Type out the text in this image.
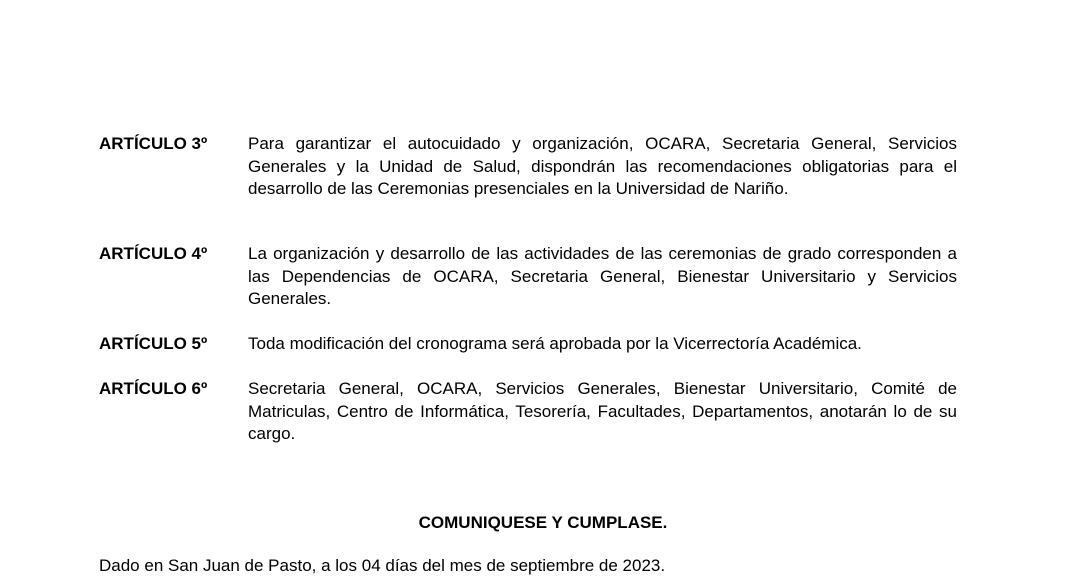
ARTÍCULO 3º Para garantizar el autocuidado y organización, OCARA, Secretaria General, Servicios Generales y la Unidad de Salud, dispondrán las recomendaciones obligatorias para el desarrollo de las Ceremonias presenciales en la Universidad de Nariño.
ARTÍCULO 4º La organización y desarrollo de las actividades de las ceremonias de grado corresponden a las Dependencias de OCARA, Secretaria General, Bienestar Universitario y Servicios Generales.
ARTÍCULO 5º Toda modificación del cronograma será aprobada por la Vicerrectoría Académica.
ARTÍCULO 6º Secretaria General, OCARA, Servicios Generales, Bienestar Universitario, Comité de Matriculas, Centro de Informática, Tesorería, Facultades, Departamentos, anotarán lo de su cargo.
COMUNIQUESE Y CUMPLASE.
Dado en San Juan de Pasto, a los 04 días del mes de septiembre de 2023.
